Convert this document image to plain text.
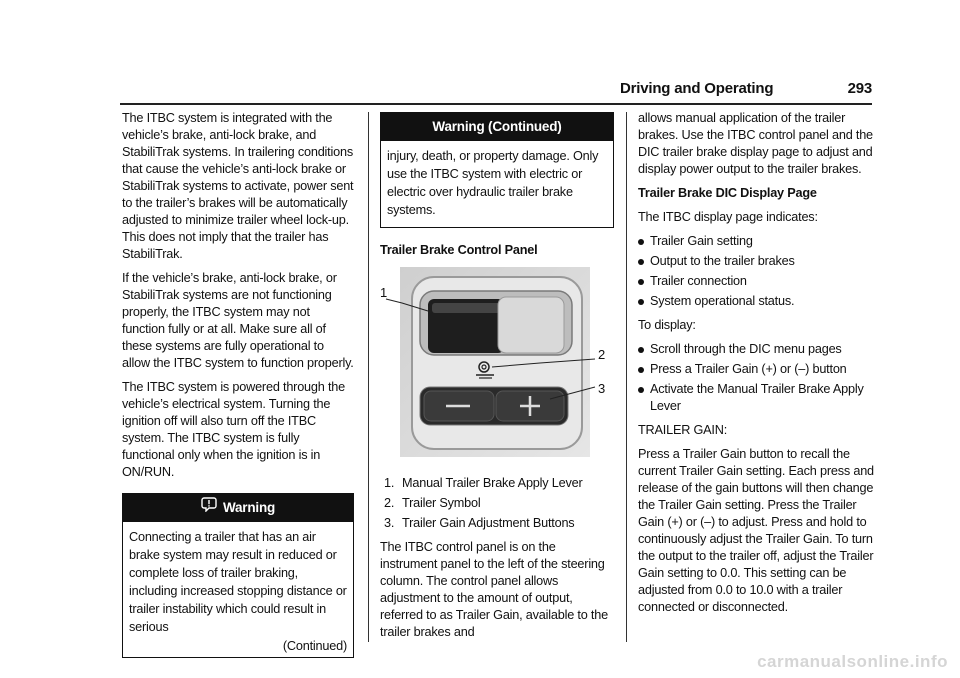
Driving and Operating	293

The ITBC system is integrated with the vehicle’s brake, anti-lock brake, and StabiliTrak systems. In trailering conditions that cause the vehicle’s anti-lock brake or StabiliTrak systems to activate, power sent to the trailer’s brakes will be automatically adjusted to minimize trailer wheel lock-up. This does not imply that the trailer has StabiliTrak.

If the vehicle’s brake, anti-lock brake, or StabiliTrak systems are not functioning properly, the ITBC system may not function fully or at all. Make sure all of these systems are fully operational to allow the ITBC system to function properly.

The ITBC system is powered through the vehicle’s electrical system. Turning the ignition off will also turn off the ITBC system. The ITBC system is fully functional only when the ignition is in ON/RUN.

Warning
Connecting a trailer that has an air brake system may result in reduced or complete loss of trailer braking, including increased stopping distance or trailer instability which could result in serious
(Continued)
Warning (Continued)
injury, death, or property damage. Only use the ITBC system with electric or electric over hydraulic trailer brake systems.
Trailer Brake Control Panel
1
2
3
1. Manual Trailer Brake Apply Lever
2. Trailer Symbol
3. Trailer Gain Adjustment Buttons

The ITBC control panel is on the instrument panel to the left of the steering column. The control panel allows adjustment to the amount of output, referred to as Trailer Gain, available to the trailer brakes and

allows manual application of the trailer brakes. Use the ITBC control panel and the DIC trailer brake display page to adjust and display power output to the trailer brakes.

Trailer Brake DIC Display Page

The ITBC display page indicates:

Trailer Gain setting
Output to the trailer brakes
Trailer connection
System operational status.

To display:

Scroll through the DIC menu pages
Press a Trailer Gain (+) or (–) button
Activate the Manual Trailer Brake Apply Lever

TRAILER GAIN:

Press a Trailer Gain button to recall the current Trailer Gain setting. Each press and release of the gain buttons will then change the Trailer Gain setting. Press the Trailer Gain (+) or (–) to adjust. Press and hold to continuously adjust the Trailer Gain. To turn the output to the trailer off, adjust the Trailer Gain setting to 0.0. This setting can be adjusted from 0.0 to 10.0 with a trailer connected or disconnected.

carmanualsonline.info
